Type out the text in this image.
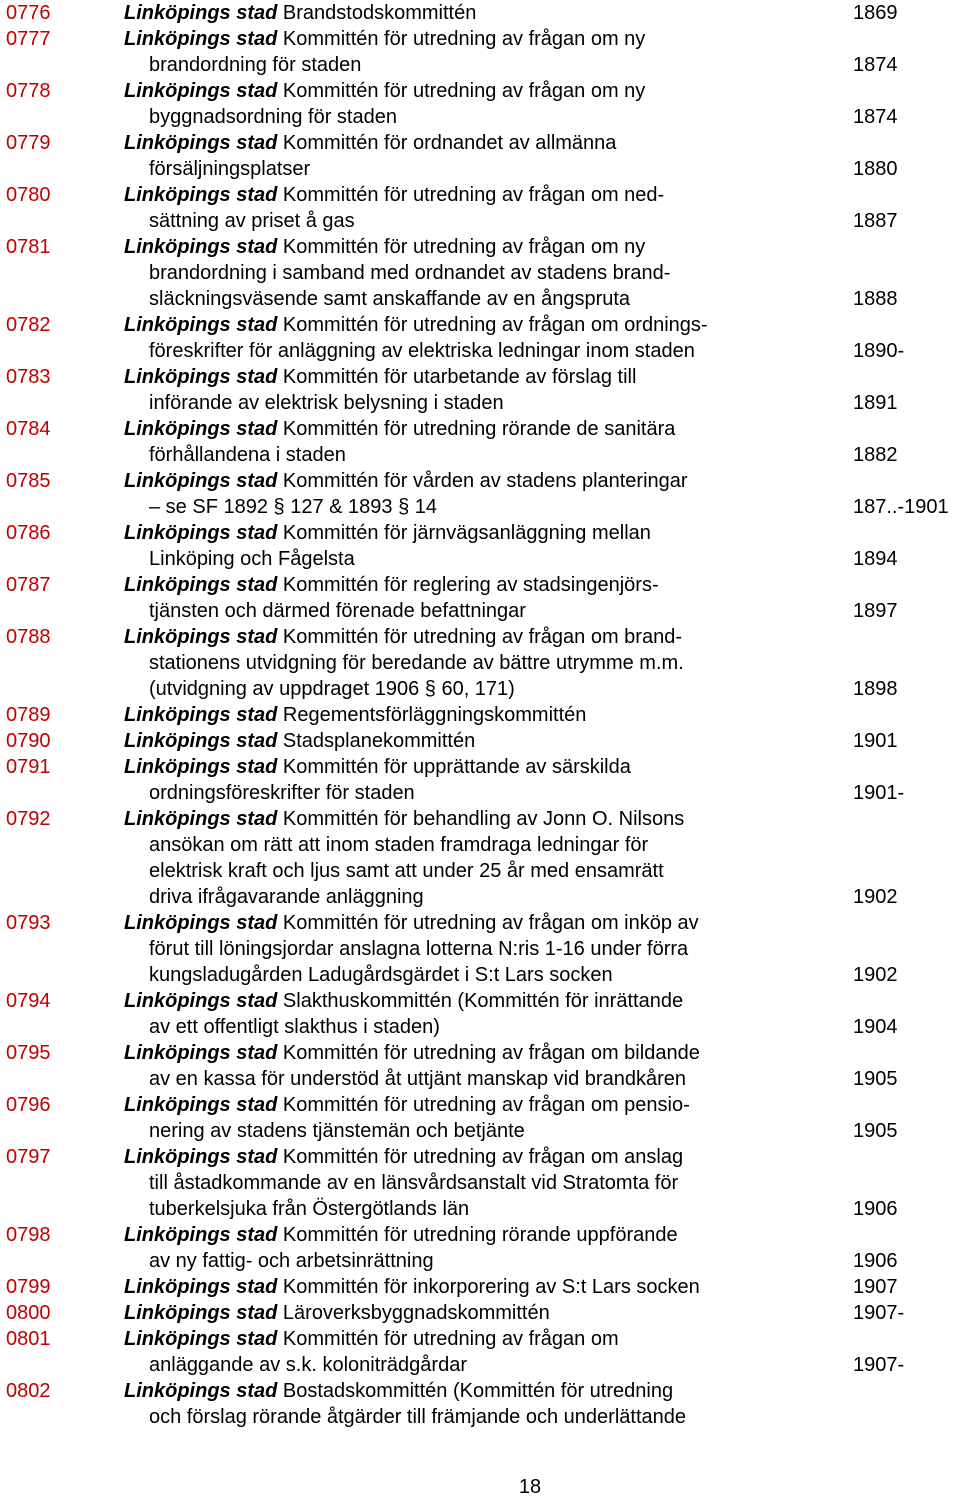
0776	Linköpings stad Brandstodskommittén	1869
0777	Linköpings stad Kommittén för utredning av frågan om ny
brandordning för staden	1874
0778	Linköpings stad Kommittén för utredning av frågan om ny
byggnadsordning för staden	1874
0779	Linköpings stad Kommittén för ordnandet av allmänna
försäljningsplatser	1880
0780	Linköpings stad Kommittén för utredning av frågan om ned-
sättning av priset å gas	1887
0781	Linköpings stad Kommittén för utredning av frågan om ny
brandordning i samband med ordnandet av stadens brand-
släckningsväsende samt anskaffande av en ångspruta	1888
0782	Linköpings stad Kommittén för utredning av frågan om ordnings-
föreskrifter för anläggning av elektriska ledningar inom staden	1890-
0783	Linköpings stad Kommittén för utarbetande av förslag till
införande av elektrisk belysning i staden	1891
0784	Linköpings stad Kommittén för utredning rörande de sanitära
förhållandena i staden	1882
0785	Linköpings stad Kommittén för vården av stadens planteringar
– se SF 1892 § 127 & 1893 § 14	187..-1901
0786	Linköpings stad Kommittén för järnvägsanläggning mellan
Linköping och Fågelsta	1894
0787	Linköpings stad Kommittén för reglering av stadsingenjörs-
tjänsten och därmed förenade befattningar	1897
0788	Linköpings stad Kommittén för utredning av frågan om brand-
stationens utvidgning för beredande av bättre utrymme m.m.
(utvidgning av uppdraget 1906 § 60, 171)	1898
0789	Linköpings stad Regementsförläggningskommittén
0790	Linköpings stad Stadsplanekommittén	1901
0791	Linköpings stad Kommittén för upprättande av särskilda
ordningsföreskrifter för staden	1901-
0792	Linköpings stad Kommittén för behandling av Jonn O. Nilsons
ansökan om rätt att inom staden framdraga ledningar för
elektrisk kraft och ljus samt att under 25 år med ensamrätt
driva ifrågavarande anläggning	1902
0793	Linköpings stad Kommittén för utredning av frågan om inköp av
förut till löningsjordar anslagna lotterna N:ris 1-16 under förra
kungsladugården Ladugårdsgärdet i S:t Lars socken	1902
0794	Linköpings stad Slakthuskommittén (Kommittén för inrättande
av ett offentligt slakthus i staden)	1904
0795	Linköpings stad Kommittén för utredning av frågan om bildande
av en kassa för understöd åt uttjänt manskap vid brandkåren	1905
0796	Linköpings stad Kommittén för utredning av frågan om pensio-
nering av stadens tjänstemän och betjänte	1905
0797	Linköpings stad Kommittén för utredning av frågan om anslag
till åstadkommande av en länsvårdsanstalt vid Stratomta för
tuberkelsjuka från Östergötlands län	1906
0798	Linköpings stad Kommittén för utredning rörande uppförande
av ny fattig- och arbetsinrättning	1906
0799	Linköpings stad Kommittén för inkorporering av S:t Lars socken	1907
0800	Linköpings stad Läroverksbyggnadskommittén	1907-
0801	Linköpings stad Kommittén för utredning av frågan om
anläggande av s.k. koloniträdgårdar	1907-
0802	Linköpings stad Bostadskommittén (Kommittén för utredning
och förslag rörande åtgärder till främjande och underlättande
18
